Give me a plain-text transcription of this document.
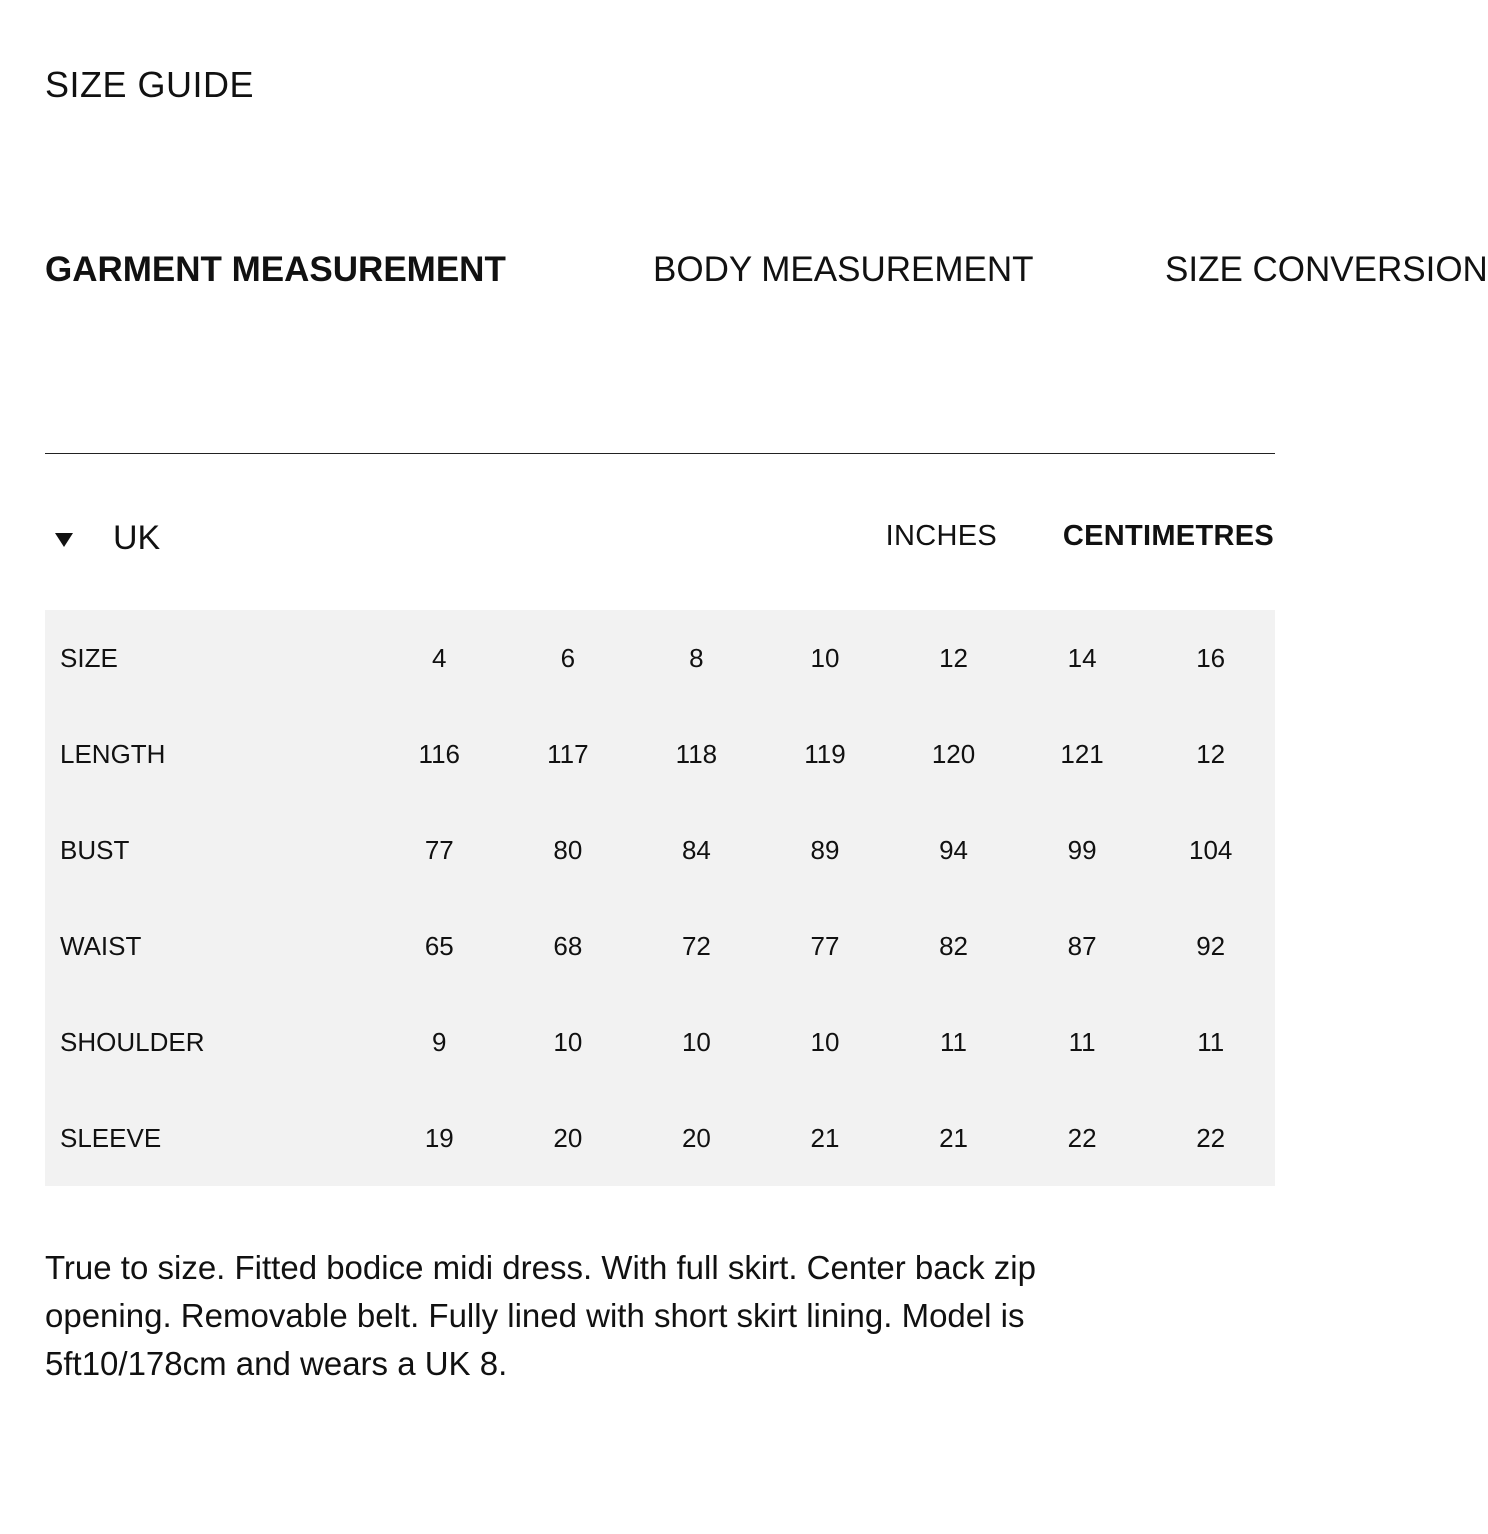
SIZE GUIDE
GARMENT MEASUREMENT	BODY MEASUREMENT	SIZE CONVERSION
UK	INCHES CENTIMETRES
SIZE	4	6	8	10	12	14	16
LENGTH	116	117	118	119	120	121	12
BUST	77	80	84	89	94	99	104
WAIST	65	68	72	77	82	87	92
SHOULDER	9	10	10	10	11	11	11
SLEEVE	19	20	20	21	21	22	22

True to size. Fitted bodice midi dress. With full skirt. Center back zip opening. Removable belt. Fully lined with short skirt lining. Model is 5ft10/178cm and wears a UK 8.
